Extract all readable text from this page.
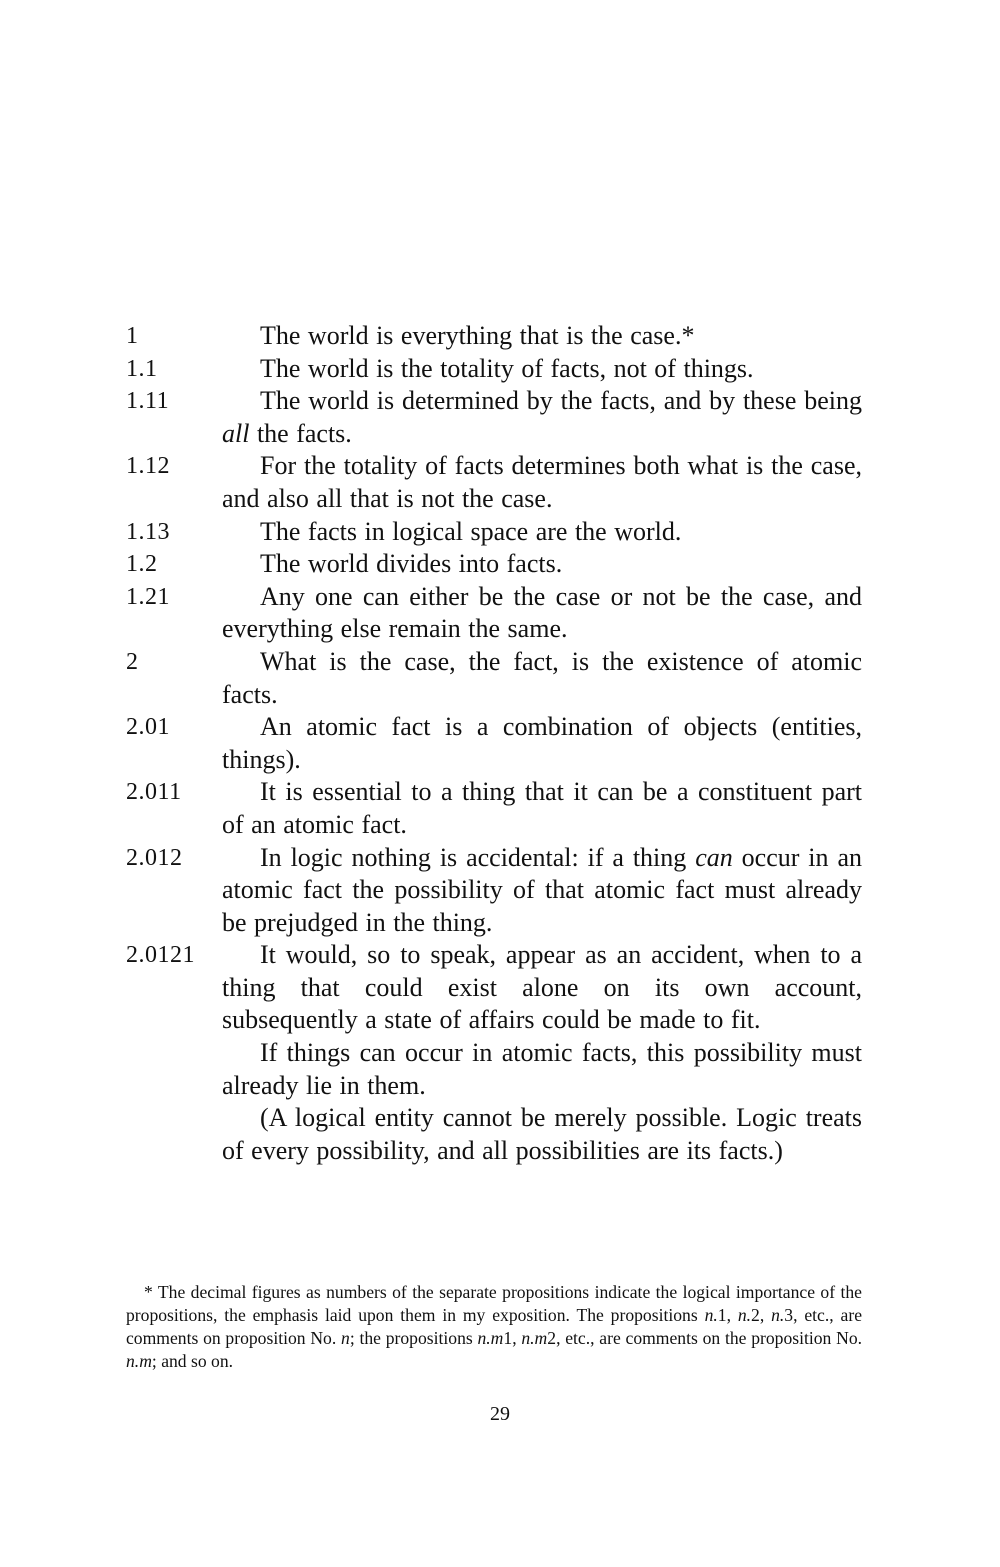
1	The world is everything that is the case.*

1.1	The world is the totality of facts, not of things.

1.11	The world is determined by the facts, and by these being all the facts.

1.12	For the totality of facts determines both what is the case, and also all that is not the case.

1.13	The facts in logical space are the world.

1.2	The world divides into facts.

1.21	Any one can either be the case or not be the case, and everything else remain the same.

2	What is the case, the fact, is the existence of atomic facts.

2.01	An atomic fact is a combination of objects (entities, things).

2.011	It is essential to a thing that it can be a constituent part of an atomic fact.

2.012	In logic nothing is accidental: if a thing can occur in an atomic fact the possibility of that atomic fact must already be prejudged in the thing.

2.0121	It would, so to speak, appear as an accident, when to a thing that could exist alone on its own account, subsequently a state of affairs could be made to fit.

If things can occur in atomic facts, this possibility must already lie in them.

(A logical entity cannot be merely possible. Logic treats of every possibility, and all possibilities are its facts.)

* The decimal figures as numbers of the separate propositions indicate the logical importance of the propositions, the emphasis laid upon them in my exposition. The propositions n.1, n.2, n.3, etc., are comments on proposition No. n; the propositions n.m1, n.m2, etc., are comments on the proposition No. n.m; and so on.

29
